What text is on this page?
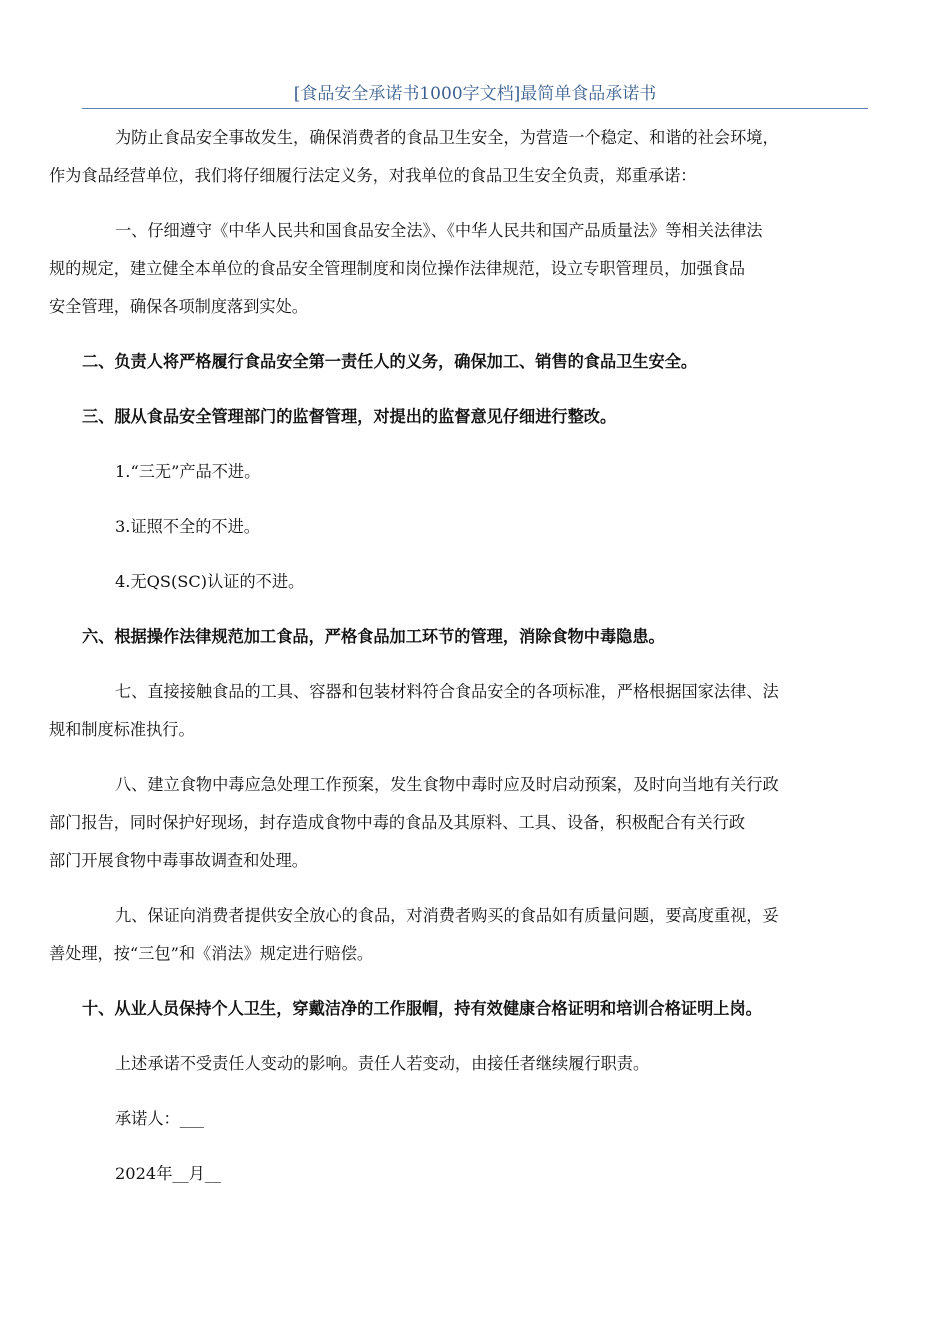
[食品安全承诺书1000字文档]最简单食品承诺书

为防止食品安全事故发生，确保消费者的食品卫生安全，为营造一个稳定、和谐的社会环境，
作为食品经营单位，我们将仔细履行法定义务，对我单位的食品卫生安全负责，郑重承诺：

一、仔细遵守《中华人民共和国食品安全法》、《中华人民共和国产品质量法》等相关法律法
规的规定，建立健全本单位的食品安全管理制度和岗位操作法律规范，设立专职管理员，加强食品
安全管理，确保各项制度落到实处。

二、负责人将严格履行食品安全第一责任人的义务，确保加工、销售的食品卫生安全。

三、服从食品安全管理部门的监督管理，对提出的监督意见仔细进行整改。

1.“三无”产品不进。

3.证照不全的不进。

4.无QS(SC)认证的不进。

六、根据操作法律规范加工食品，严格食品加工环节的管理，消除食物中毒隐患。

七、直接接触食品的工具、容器和包装材料符合食品安全的各项标准，严格根据国家法律、法
规和制度标准执行。

八、建立食物中毒应急处理工作预案，发生食物中毒时应及时启动预案，及时向当地有关行政
部门报告，同时保护好现场，封存造成食物中毒的食品及其原料、工具、设备，积极配合有关行政
部门开展食物中毒事故调查和处理。

九、保证向消费者提供安全放心的食品，对消费者购买的食品如有质量问题，要高度重视，妥
善处理，按“三包”和《消法》规定进行赔偿。

十、从业人员保持个人卫生，穿戴洁净的工作服帽，持有效健康合格证明和培训合格证明上岗。

上述承诺不受责任人变动的影响。责任人若变动，由接任者继续履行职责。

承诺人：___

2024年__月__
